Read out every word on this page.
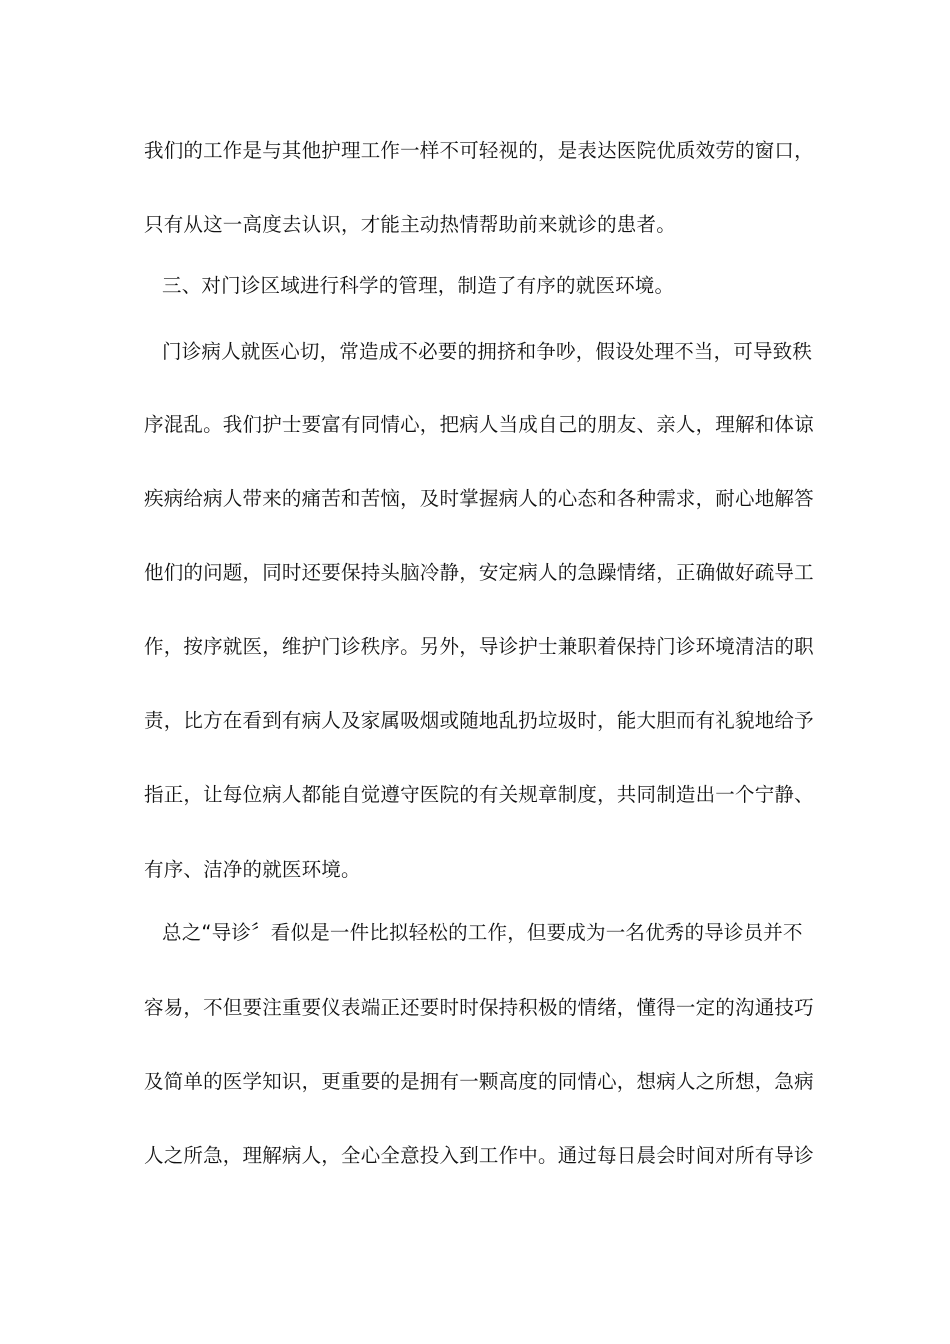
我们的工作是与其他护理工作一样不可轻视的，是表达医院优质效劳的窗口，
只有从这一高度去认识，才能主动热情帮助前来就诊的患者。
三、对门诊区域进行科学的管理，制造了有序的就医环境。
门诊病人就医心切，常造成不必要的拥挤和争吵，假设处理不当，可导致秩
序混乱。我们护士要富有同情心，把病人当成自己的朋友、亲人，理解和体谅
疾病给病人带来的痛苦和苦恼，及时掌握病人的心态和各种需求，耐心地解答
他们的问题，同时还要保持头脑冷静，安定病人的急躁情绪，正确做好疏导工
作，按序就医，维护门诊秩序。另外，导诊护士兼职着保持门诊环境清洁的职
责，比方在看到有病人及家属吸烟或随地乱扔垃圾时，能大胆而有礼貌地给予
指正，让每位病人都能自觉遵守医院的有关规章制度，共同制造出一个宁静、
有序、洁净的就医环境。
总之“导诊〞看似是一件比拟轻松的工作，但要成为一名优秀的导诊员并不
容易，不但要注重要仪表端正还要时时保持积极的情绪，懂得一定的沟通技巧
及简单的医学知识，更重要的是拥有一颗高度的同情心，想病人之所想，急病
人之所急，理解病人，全心全意投入到工作中。通过每日晨会时间对所有导诊
